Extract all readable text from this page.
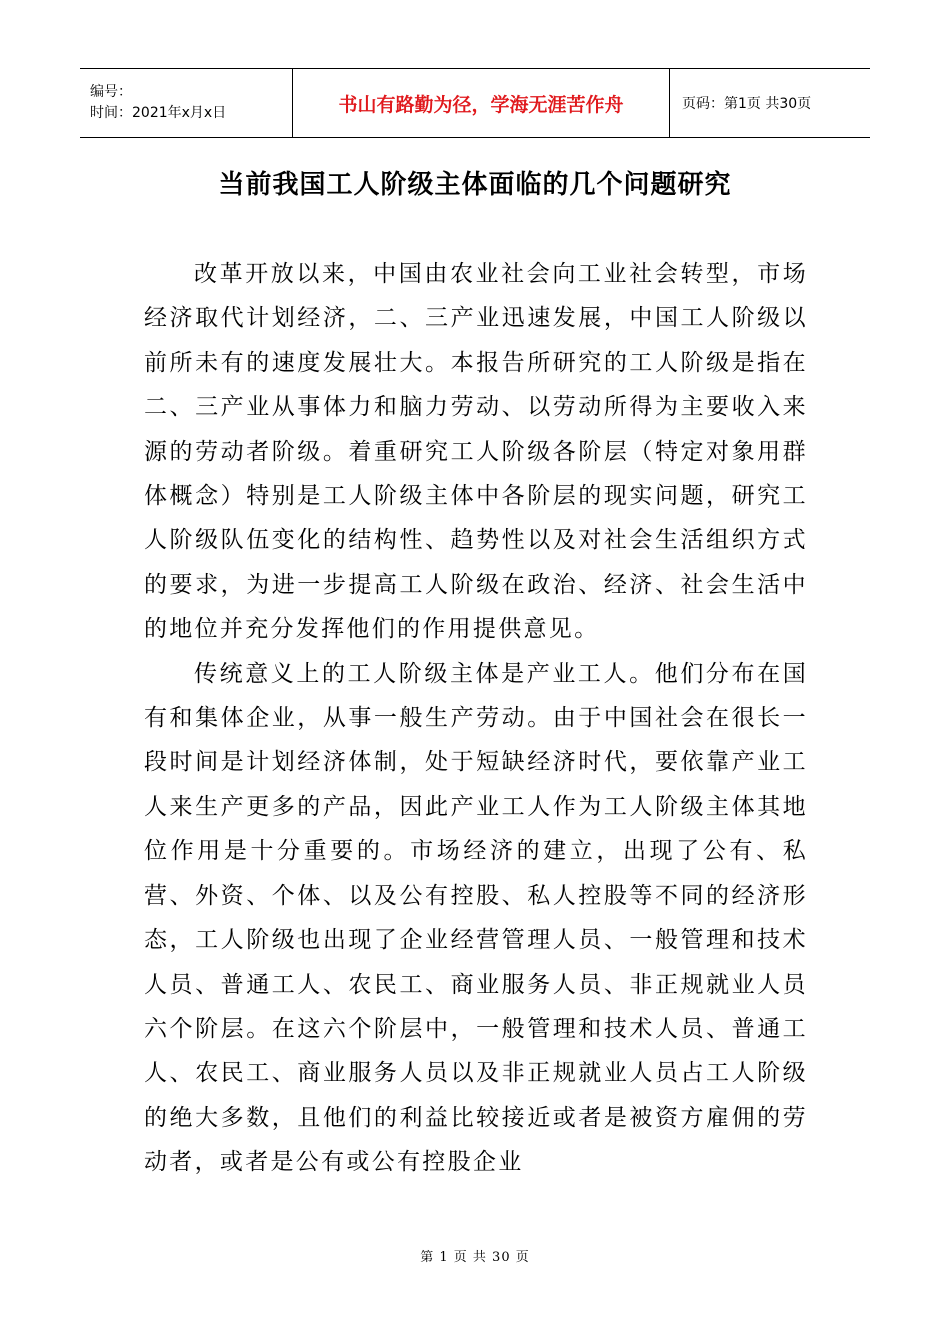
编号：
时间：2021年x月x日	书山有路勤为径，学海无涯苦作舟	页码：第1页 共30页
当前我国工人阶级主体面临的几个问题研究

改革开放以来，中国由农业社会向工业社会转型，市场经济取代计划经济，二、三产业迅速发展，中国工人阶级以前所未有的速度发展壮大。本报告所研究的工人阶级是指在二、三产业从事体力和脑力劳动、以劳动所得为主要收入来源的劳动者阶级。着重研究工人阶级各阶层（特定对象用群体概念）特别是工人阶级主体中各阶层的现实问题，研究工人阶级队伍变化的结构性、趋势性以及对社会生活组织方式的要求，为进一步提高工人阶级在政治、经济、社会生活中的地位并充分发挥他们的作用提供意见。

传统意义上的工人阶级主体是产业工人。他们分布在国有和集体企业，从事一般生产劳动。由于中国社会在很长一段时间是计划经济体制，处于短缺经济时代，要依靠产业工人来生产更多的产品，因此产业工人作为工人阶级主体其地位作用是十分重要的。市场经济的建立，出现了公有、私营、外资、个体、以及公有控股、私人控股等不同的经济形态，工人阶级也出现了企业经营管理人员、一般管理和技术人员、普通工人、农民工、商业服务人员、非正规就业人员六个阶层。在这六个阶层中，一般管理和技术人员、普通工人、农民工、商业服务人员以及非正规就业人员占工人阶级的绝大多数，且他们的利益比较接近或者是被资方雇佣的劳动者，或者是公有或公有控股企业

第 1 页 共 30 页
